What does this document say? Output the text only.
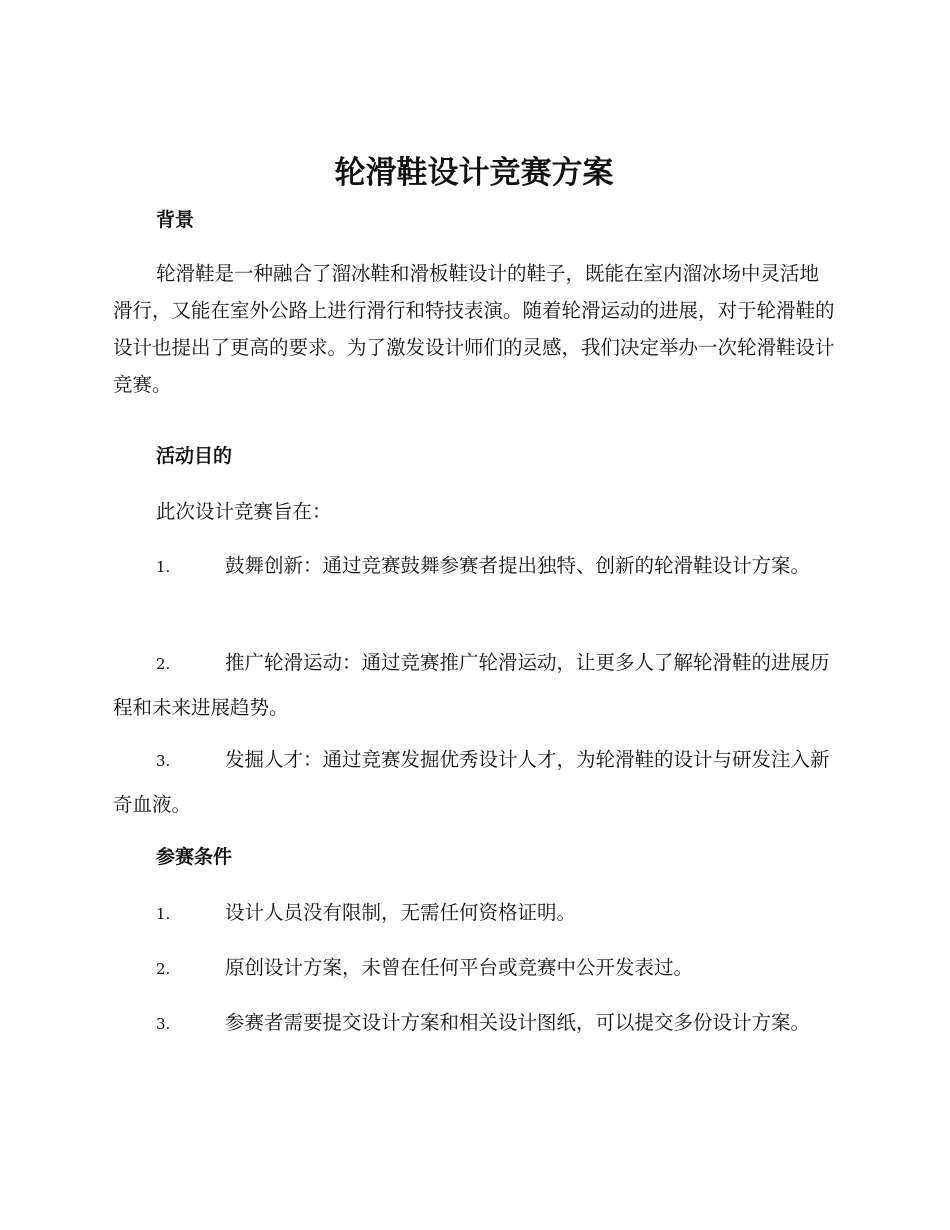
轮滑鞋设计竞赛方案
背景

轮滑鞋是一种融合了溜冰鞋和滑板鞋设计的鞋子，既能在室内溜冰场中灵活地滑行，又能在室外公路上进行滑行和特技表演。随着轮滑运动的进展，对于轮滑鞋的设计也提出了更高的要求。为了激发设计师们的灵感，我们决定举办一次轮滑鞋设计竞赛。

活动目的

此次设计竞赛旨在：

1.	鼓舞创新：通过竞赛鼓舞参赛者提出独特、创新的轮滑鞋设计方案。

2.	推广轮滑运动：通过竞赛推广轮滑运动，让更多人了解轮滑鞋的进展历程和未来进展趋势。

3.	发掘人才：通过竞赛发掘优秀设计人才，为轮滑鞋的设计与研发注入新奇血液。

参赛条件

1.	设计人员没有限制，无需任何资格证明。

2.	原创设计方案，未曾在任何平台或竞赛中公开发表过。

3.	参赛者需要提交设计方案和相关设计图纸，可以提交多份设计方案。
